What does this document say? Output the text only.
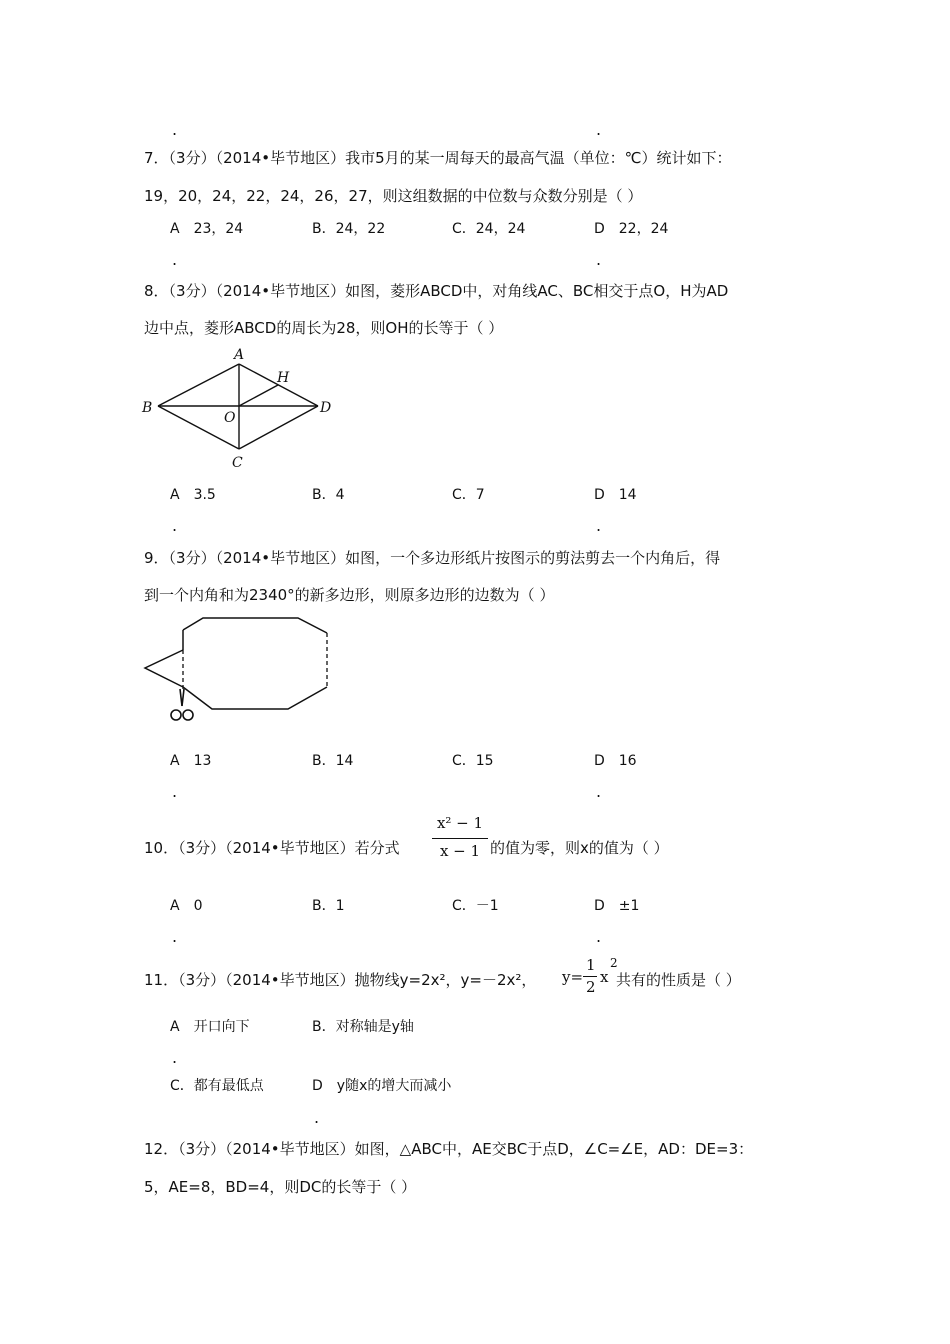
.	.
7．（3分）（2014•毕节地区）我市5月的某一周每天的最高气温（单位：℃）统计如下：
19，20，24，22，24，26，27，则这组数据的中位数与众数分别是（ ）
A　23，24	B．24，22	C．24，24	D　22，24
.	.
8．（3分）（2014•毕节地区）如图，菱形ABCD中，对角线AC、BC相交于点O，H为AD
边中点，菱形ABCD的周长为28，则OH的长等于（ ）
A
B
C
D
O
H
A　3.5	B．4	C．7	D　14
.	.
9．（3分）（2014•毕节地区）如图，一个多边形纸片按图示的剪法剪去一个内角后，得
到一个内角和为2340°的新多边形，则原多边形的边数为（ ）
A　13	B．14	C．15	D　16
.	.
10．（3分）（2014•毕节地区）若分式
x² − 1
x − 1 的值为零，则x的值为（ ）
A　0	B．1	C．－1	D　±1
.	.
11．（3分）（2014•毕节地区）抛物线y=2x²，y=－2x²， y=
1
2
x
2
共有的性质是（ ）
A　开口向下	B．对称轴是y轴
.
C．都有最低点	D　y随x的增大而减小
.
12．（3分）（2014•毕节地区）如图，△ABC中，AE交BC于点D，∠C=∠E，AD：DE=3：
5，AE=8，BD=4，则DC的长等于（ ）
